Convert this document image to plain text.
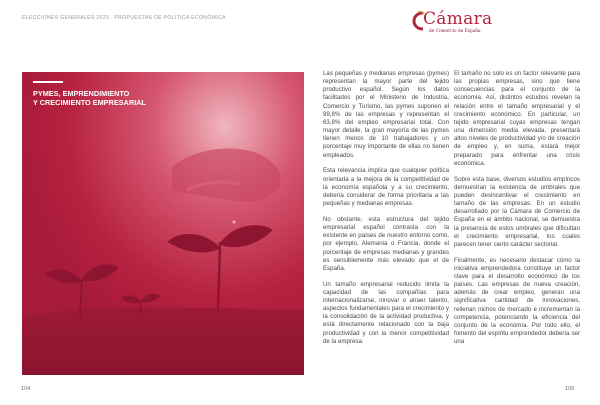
ELECCIONES GENERALES 2023 . PROPUESTAS DE POLÍTICA ECONÓMICA	Cámara
de Comercio de España
PYMES, EMPRENDIMIENTO
Y CRECIMIENTO EMPRESARIAL

Las pequeñas y medianas empresas (pymes) representan la mayor parte del tejido productivo español. Según los datos facilitados por el Ministerio de Industria, Comercio y Turismo, las pymes suponen el 99,8% de las empresas y representan el 63,8% del empleo empresarial total. Con mayor detalle, la gran mayoría de las pymes tienen menos de 10 trabajadores y un porcentaje muy importante de ellas no tienen empleados.

Esta relevancia implica que cualquier política orientada a la mejora de la competitividad de la economía española y a su crecimiento, debería considerar de forma prioritaria a las pequeñas y medianas empresas.

No obstante, esta estructura del tejido empresarial español contrasta con la existente en países de nuestro entorno como, por ejemplo, Alemania o Francia, donde el porcentaje de empresas medianas y grandes es sensiblemente más elevado que el de España.

Un tamaño empresarial reducido limita la capacidad de las compañías para internacionalizarse, innovar o atraer talento, aspectos fundamentales para el crecimiento y la consolidación de la actividad productiva, y está directamente relacionado con la baja productividad y con la menor competitividad de la empresa.

El tamaño no solo es un factor relevante para las propias empresas, sino que tiene consecuencias para el conjunto de la economía. Así, distintos estudios revelan la relación entre el tamaño empresarial y el crecimiento económico. En particular, un tejido empresarial cuyas empresas tengan una dimensión media elevada, presentará altos niveles de productividad y/o de creación de empleo y, en suma, estará mejor preparado para enfrentar una crisis económica.

Sobre esta base, diversos estudios empíricos demuestran la existencia de umbrales que pueden desincentivar el crecimiento en tamaño de las empresas. En un estudio desarrollado por la Cámara de Comercio de España en el ámbito nacional, se demuestra la presencia de estos umbrales que dificultan el crecimiento empresarial, los cuales parecen tener cierto carácter sectorial.

Finalmente, es necesario destacar cómo la iniciativa emprendedora constituye un factor clave para el desarrollo económico de los países. Las empresas de nueva creación, además de crear empleo, generan una significativa cantidad de innovaciones, rellenan nichos de mercado e incrementan la competencia, potenciando la eficiencia del conjunto de la economía. Por todo ello, el fomento del espíritu emprendedor debería ser una

104	105
